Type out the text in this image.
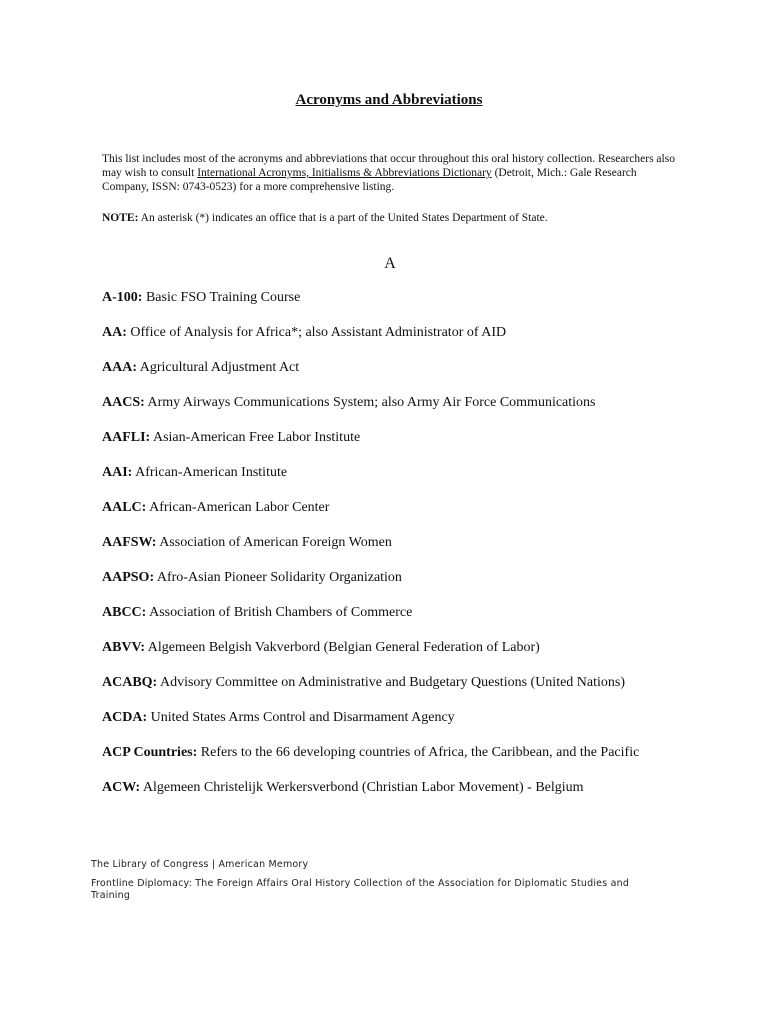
Acronyms and Abbreviations
This list includes most of the acronyms and abbreviations that occur throughout this oral history collection. Researchers also may wish to consult International Acronyms, Initialisms & Abbreviations Dictionary (Detroit, Mich.: Gale Research Company, ISSN: 0743-0523) for a more comprehensive listing.
NOTE: An asterisk (*) indicates an office that is a part of the United States Department of State.
A
A-100: Basic FSO Training Course
AA: Office of Analysis for Africa*; also Assistant Administrator of AID
AAA: Agricultural Adjustment Act
AACS: Army Airways Communications System; also Army Air Force Communications
AAFLI: Asian-American Free Labor Institute
AAI: African-American Institute
AALC: African-American Labor Center
AAFSW: Association of American Foreign Women
AAPSO: Afro-Asian Pioneer Solidarity Organization
ABCC: Association of British Chambers of Commerce
ABVV: Algemeen Belgish Vakverbord (Belgian General Federation of Labor)
ACABQ: Advisory Committee on Administrative and Budgetary Questions (United Nations)
ACDA: United States Arms Control and Disarmament Agency
ACP Countries: Refers to the 66 developing countries of Africa, the Caribbean, and the Pacific
ACW: Algemeen Christelijk Werkersverbond (Christian Labor Movement) - Belgium
The Library of Congress | American Memory
Frontline Diplomacy: The Foreign Affairs Oral History Collection of the Association for Diplomatic Studies and Training
